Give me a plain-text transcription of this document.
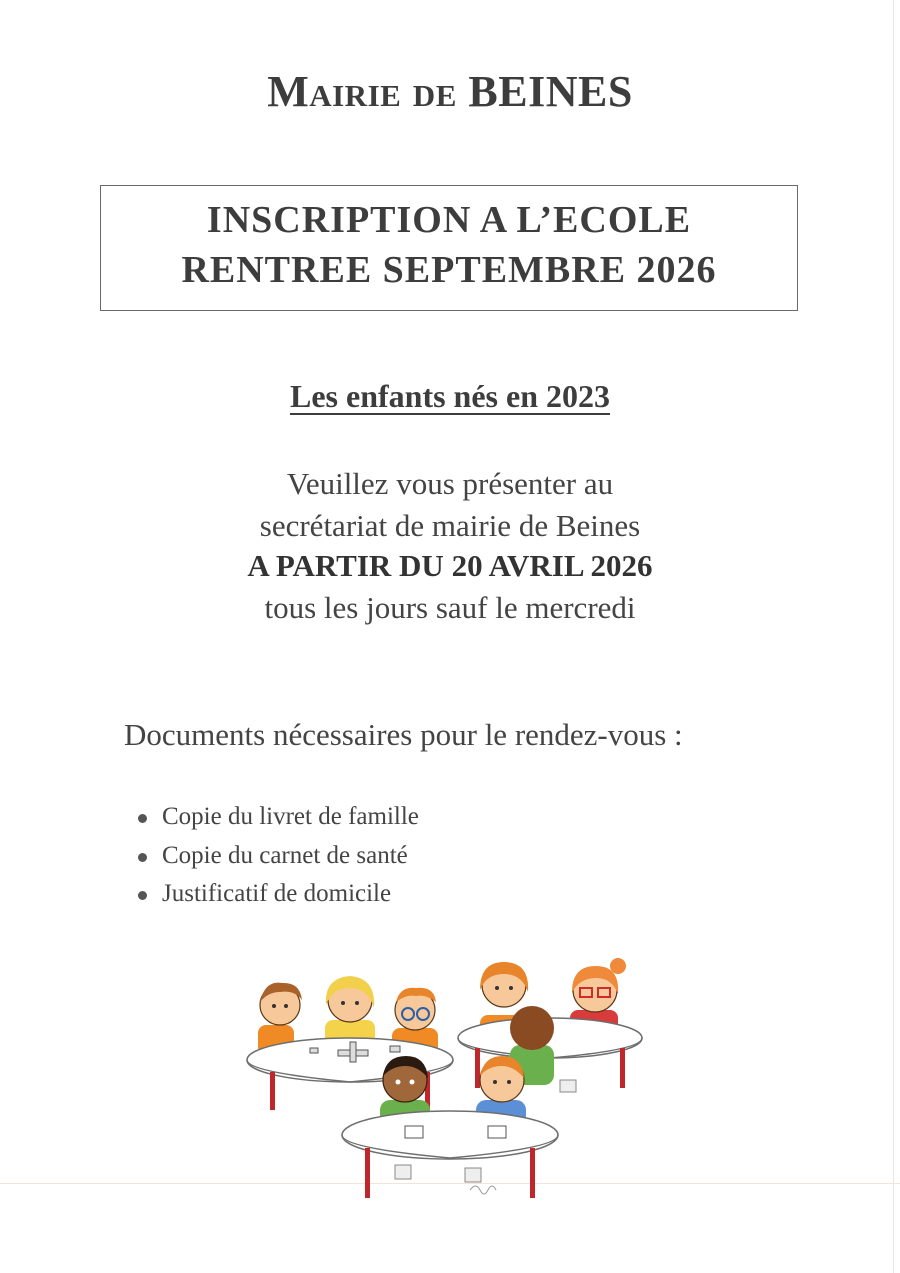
Mairie de BEINES
INSCRIPTION A L’ECOLE
RENTREE SEPTEMBRE 2026
Les enfants nés en 2023
Veuillez vous présenter au
secrétariat de mairie de Beines
A PARTIR DU 20 AVRIL 2026
tous les jours sauf le mercredi
Documents nécessaires pour le rendez-vous :
Copie du livret de famille
Copie du carnet de santé
Justificatif de domicile
